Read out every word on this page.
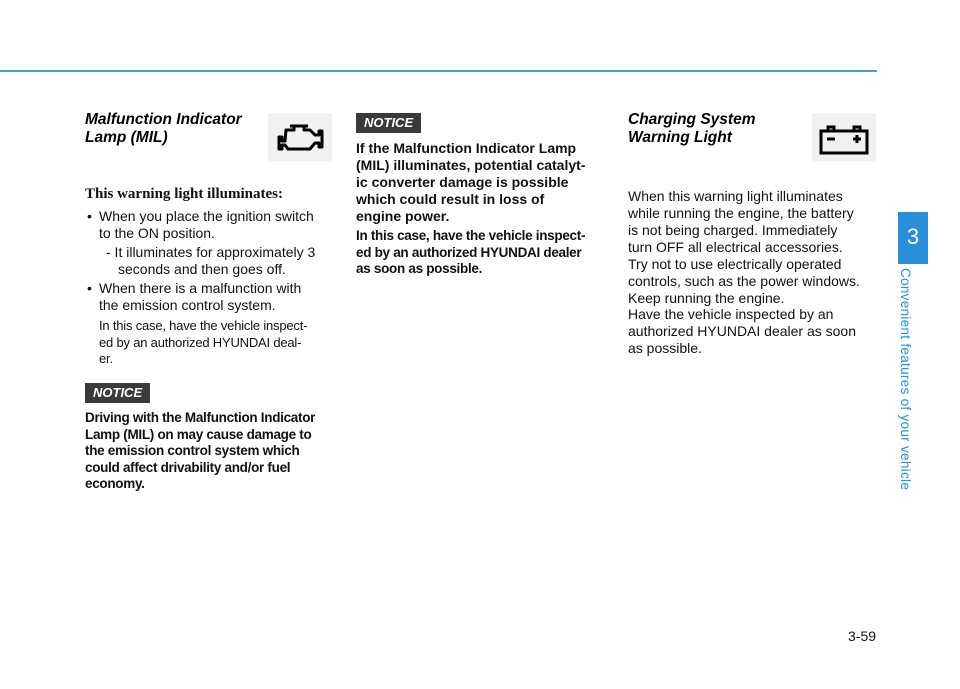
Malfunction Indicator
Lamp (MIL)
This warning light illuminates:
• When you place the ignition switch
to the ON position.
- It illuminates for approximately 3
seconds and then goes off.
• When there is a malfunction with
the emission control system.
In this case, have the vehicle inspect-
ed by an authorized HYUNDAI deal-
er.
NOTICE
Driving with the Malfunction Indicator
Lamp (MIL) on may cause damage to
the emission control system which
could affect drivability and/or fuel
economy.
NOTICE
If the Malfunction Indicator Lamp
(MIL) illuminates, potential catalyt-
ic converter damage is possible
which could result in loss of
engine power.
In this case, have the vehicle inspect-
ed by an authorized HYUNDAI dealer
as soon as possible.
Charging System
Warning Light
When this warning light illuminates
while running the engine, the battery
is not being charged. Immediately
turn OFF all electrical accessories.
Try not to use electrically operated
controls, such as the power windows.
Keep running the engine.
Have the vehicle inspected by an
authorized HYUNDAI dealer as soon
as possible.
3
Convenient features of your vehicle
3-59
